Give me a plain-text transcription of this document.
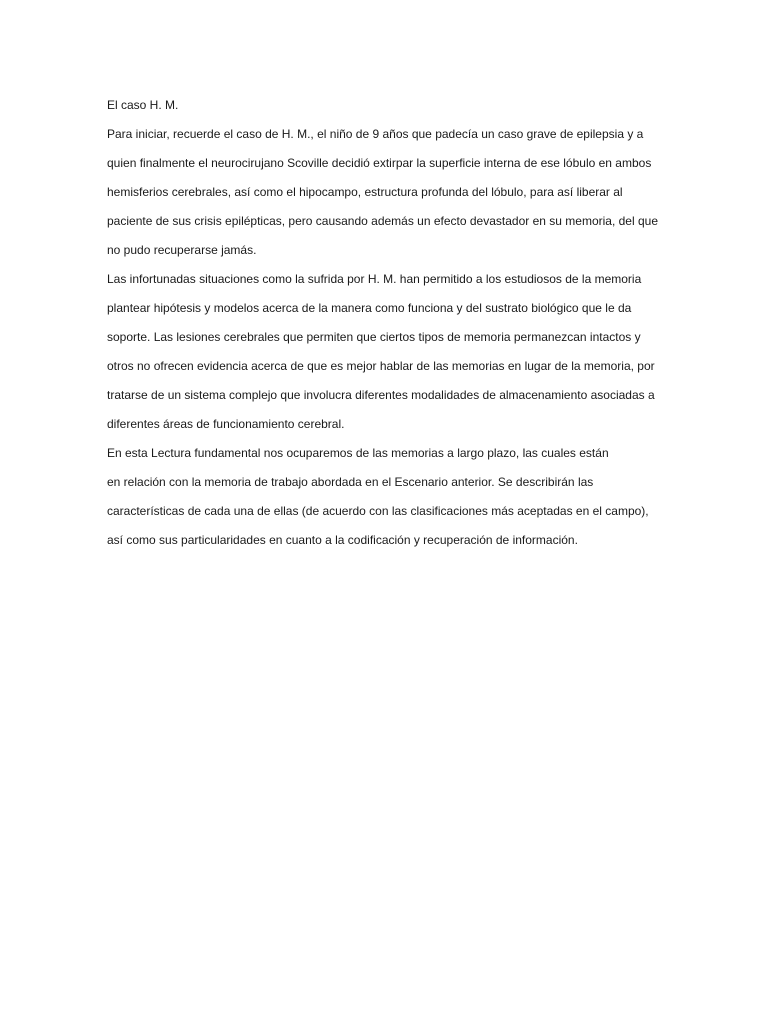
El caso H. M.

Para iniciar, recuerde el caso de H. M., el niño de 9 años que padecía un caso grave de epilepsia y a

quien finalmente el neurocirujano Scoville decidió extirpar la superficie interna de ese lóbulo en ambos

hemisferios cerebrales, así como el hipocampo, estructura profunda del lóbulo, para así liberar al

paciente de sus crisis epilépticas, pero causando además un efecto devastador en su memoria, del que

no pudo recuperarse jamás.

Las infortunadas situaciones como la sufrida por H. M. han permitido a los estudiosos de la memoria

plantear hipótesis y modelos acerca de la manera como funciona y del sustrato biológico que le da

soporte. Las lesiones cerebrales que permiten que ciertos tipos de memoria permanezcan intactos y

otros no ofrecen evidencia acerca de que es mejor hablar de las memorias en lugar de la memoria, por

tratarse de un sistema complejo que involucra diferentes modalidades de almacenamiento asociadas a

diferentes áreas de funcionamiento cerebral.

En esta Lectura fundamental nos ocuparemos de las memorias a largo plazo, las cuales están

en relación con la memoria de trabajo abordada en el Escenario anterior. Se describirán las

características de cada una de ellas (de acuerdo con las clasificaciones más aceptadas en el campo),

así como sus particularidades en cuanto a la codificación y recuperación de información.
